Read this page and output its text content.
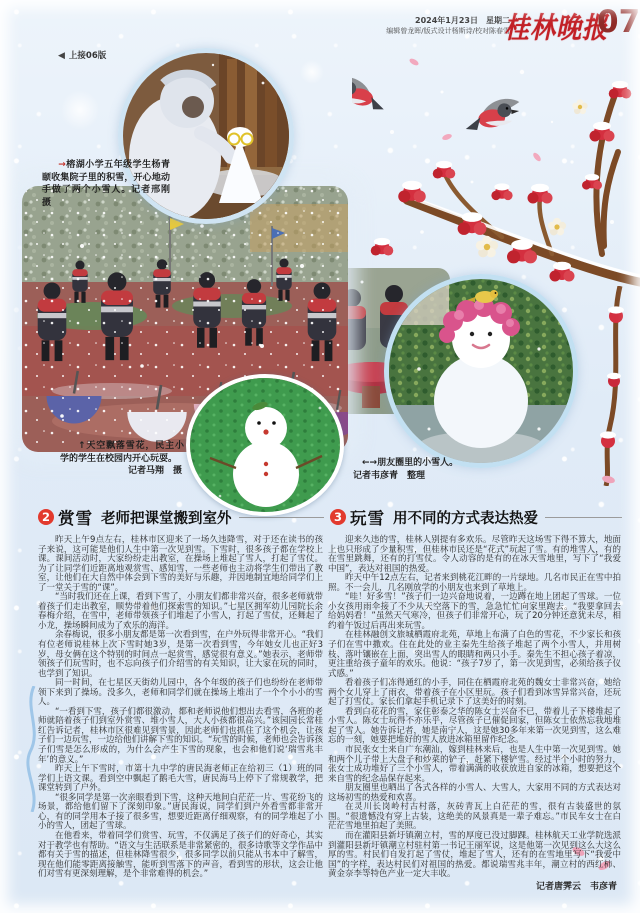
2024年1月23日　星期二
编辑曾龙晖/版式设计杨斯诗/校对陈春雪
桂林晚报
07
◀ 上接06版

→榕湖小学五年级学生杨青颐收集院子里的积雪，开心地动手做了两个小雪人。记者邢刚　摄

↑天空飘落雪花，民主小学的学生在校园内开心玩耍。
记者马翔　摄

←→朋友圈里的小雪人。
记者韦彦青　整理

2 赏雪 老师把课堂搬到室外	3 玩雪 用不同的方式表达热爱

昨天上午9点左右，桂林市区迎来了一场久违降雪，对于还在读书的孩子来说，这可能是他们人生中第一次见到雪。下雪时，很多孩子都在学校上课。课间活动时，大家纷纷走出教室，在操场上堆起了雪人，打起了雪仗。为了让同学们近距离地观赏雪、感知雪，一些老师也主动将学生们带出了教室，让他们在大自然中体会到下雪的美好与乐趣，并因地制宜地给同学们上了一堂关于雪的“课”。

“当时我们还在上课，看到下雪了，小朋友们都非常兴奋，很多老师就带着孩子们走出教室，顺势带着他们探索雪的知识。”七星区拥军幼儿园院长余春梅介绍，在雪中，老师带领孩子们堆起了小雪人，打起了雪仗，还舞起了小龙，操场瞬间成为了欢乐的海洋。

余春梅说，很多小朋友都是第一次看到雪，在户外玩得非常开心。“我们有位老师说桂林上次下雪时她3岁，是第一次看到雪，今年她女儿也正好3岁，母女俩在这个特别的时间点一起赏雪，感觉很有意义。”她表示，老师带领孩子们玩雪时，也不忘向孩子们介绍雪的有关知识，让大家在玩的同时，也学到了知识。

同一时间，在七星区天街幼儿园中，各个年级的孩子们也纷纷在老师带领下来到了操场。没多久，老师和同学们就在操场上堆出了一个个小小的雪人。

“一看到下雪，孩子们都很激动，都和老师说他们想出去看雪，各班的老师就陪着孩子们到室外赏雪、堆小雪人，大人小孩都很高兴。”该园园长常桂红告诉记者，桂林市区很难见到雪景，因此老师们也抓住了这个机会，让孩子们一边玩雪，一边给他们讲解下雪的知识。“玩雪的时候，老师也会告诉孩子们雪是怎么形成的，为什么会产生下雪的现象，也会和他们说‘瑞雪兆丰年’的意义。”

昨天上午下雪时，市第十九中学的唐民海老师正在给初三（1）班的同学们上语文课。看到空中飘起了鹅毛大雪，唐民海马上停下了常规教学，把课堂转到了户外。

“很多同学是第一次亲眼看到下雪，这种天地间白茫茫一片、雪花纷飞的场景，都给他们留下了深刻印象。”唐民海说，同学们到户外看雪都非常开心，有的同学用本子接了很多雪，想要近距离仔细观察，有的同学堆起了小小的雪人，团起了雪球。

在他看来，带着同学们赏雪、玩雪，不仅满足了孩子们的好奇心，其实对于教学也有帮助。“语文与生活联系是非常紧密的，很多诗歌等文学作品中都有关于雪的描述，但桂林降雪很少，很多同学以前只能从书本中了解雪，现在他们能零距离接触雪，能听到雪落下的声音，看到雪的形状，这会让他们对雪有更深刻理解，是个非常难得的机会。”

迎来久违的雪，桂林人别提有多欢乐。尽管昨天这场雪下得不算大，地面上也只形成了少量积雪，但桂林市民还是“花式”玩起了雪。有的堆雪人，有的在雪里跳舞，还有的打雪仗。令人动容的是有的在冰天雪地里，写下了“我爱中国”，表达对祖国的热爱。

昨天中午12点左右，记者来到桃花江畔的一片绿地。几名市民正在雪中拍照。不一会儿，几名刚放学的小朋友也来到了草地上。

“哇！好多雪！”孩子们一边兴奋地说着，一边蹲在地上团起了雪球。一位小女孩用雨伞接了不少从天空落下的雪，急急忙忙向家里跑去。“我要拿回去给妈妈看！”虽然天气寒冷，但孩子们非常开心，玩了20分钟还意犹未尽，相约着午饭过后再出来玩雪。

在桂林融创文旅城栖霞府北苑，草地上布满了白色的雪花，不少家长和孩子们在雪中撒欢。住在此处的业主秦先生给孩子堆起了两个小雪人，并用树枝、落叶镶嵌在上面，突出雪人的眼睛和两只小手。秦先生不担心孩子着凉，更注重给孩子童年的欢乐。他说：“孩子7岁了，第一次见到雪，必须给孩子仪式感。”

看着孩子们冻得通红的小手，同住在栖霞府北苑的魏女士非常兴奋，她给两个女儿穿上了雨衣，带着孩子在小区里玩。孩子们看到冰雪异常兴奋，还玩起了打雪仗。家长们拿起手机记录下了这美好的时刻。

看到白花花的雪，家住彰泰之华的陈女士兴奋不已，带着儿子下楼堆起了小雪人。陈女士玩得不亦乐乎，尽管孩子已催促回家，但陈女士依然忘我地堆起了雪人。她告诉记者，她是南宁人，这是她30多年来第一次见到雪，这么难忘的一刻，她要把堆好的雪人放进冰箱里留作纪念。

市民张女士来自广东潮汕，嫁到桂林来后，也是人生中第一次见到雪。她和两个儿子带上大盘子和炒菜的铲子，赶紧下楼铲雪。经过半个小时的努力，张女士成功堆好了三个小雪人，带着满满的收获放进自家的冰箱，想要把这个来自雪的纪念品保存起来。

朋友圈里也晒出了各式各样的小雪人、大雪人，大家用不同的方式表达对这场初雪的热爱和欢喜。

在灵川长岗岭村古村落，灰砖青瓦上白茫茫的雪，很有古装盛世的氛围。“很遗憾没有穿上古装，这绝美的风景真是一辈子难忘。”市民车女士在白茫茫雪地里拍起了美照。

而在灌阳县新圩镇潮立村，雪的厚度已没过脚踝。桂林航天工业学院选派到灌阳县新圩镇潮立村驻村第一书记王丽军说，这是他第一次见到这么大这么厚的雪。村民们自发打起了雪仗，堆起了雪人，还有的在雪地里写下“我爱中国”的字样，表达村民们对祖国的热爱。都说瑞雪兆丰年，潮立村的西红柿、黄金奈李等特色产业一定大丰收。

记者唐霁云　韦彦青
